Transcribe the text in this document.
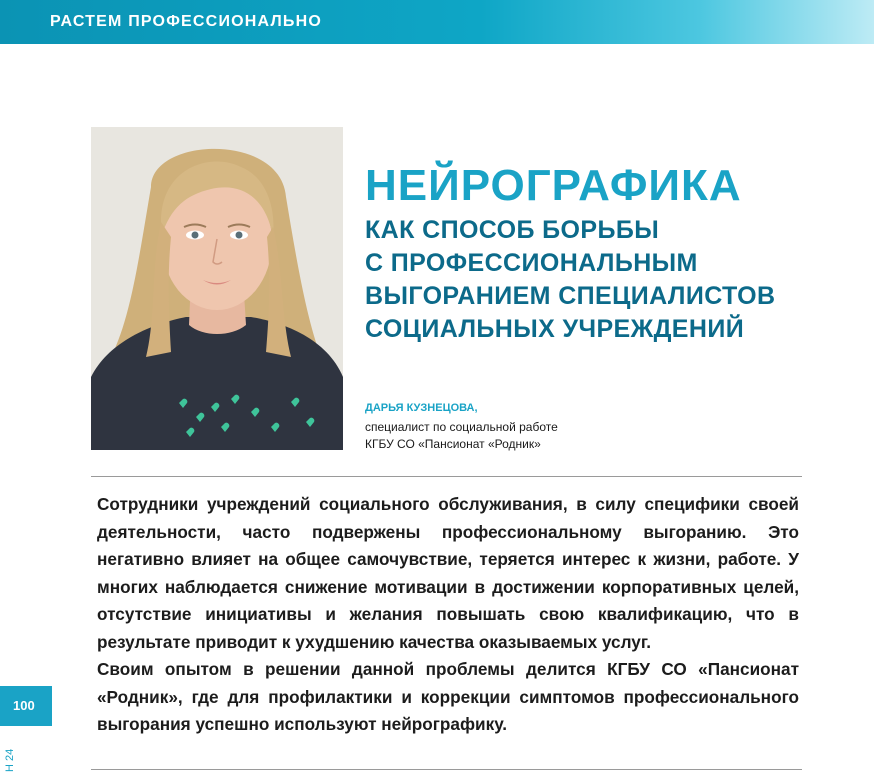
РАСТЕМ ПРОФЕССИОНАЛЬНО
НЕЙРОГРАФИКА
КАК СПОСОБ БОРЬБЫ
С ПРОФЕССИОНАЛЬНЫМ
ВЫГОРАНИЕМ СПЕЦИАЛИСТОВ
СОЦИАЛЬНЫХ УЧРЕЖДЕНИЙ
ДАРЬЯ КУЗНЕЦОВА,
специалист по социальной работе
КГБУ СО «Пансионат «Родник»

Сотрудники учреждений социального обслуживания, в силу специфики своей деятельности, часто подвержены профессиональному выгоранию. Это негативно влияет на общее самочувствие, теряется интерес к жизни, работе. У многих наблюдается снижение мотивации в достижении корпоративных целей, отсутствие инициативы и желания повышать свою квалификацию, что в результате приводит к ухудшению качества оказываемых услуг.

Своим опытом в решении данной проблемы делится КГБУ СО «Пансионат «Родник», где для профилактики и коррекции симптомов профессионального выгорания успешно используют нейрографику.

100
Н 24
